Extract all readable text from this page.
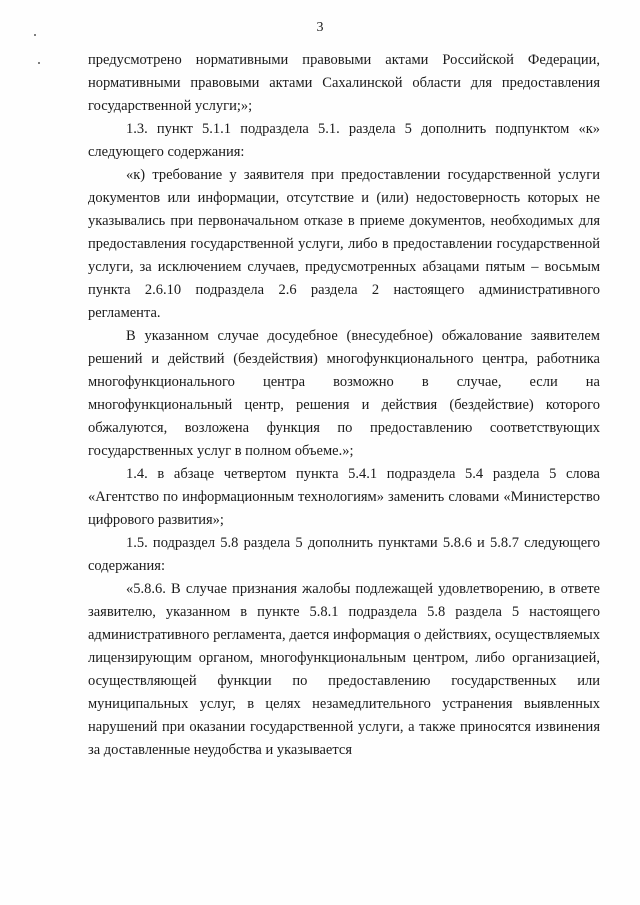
3

предусмотрено нормативными правовыми актами Российской Федерации, нормативными правовыми актами Сахалинской области для предоставления государственной услуги;»;

1.3. пункт 5.1.1 подраздела 5.1. раздела 5 дополнить подпунктом «к» следующего содержания:

«к) требование у заявителя при предоставлении государственной услуги документов или информации, отсутствие и (или) недостоверность которых не указывались при первоначальном отказе в приеме документов, необходимых для предоставления государственной услуги, либо в предоставлении государственной услуги, за исключением случаев, предусмотренных абзацами пятым – восьмым пункта 2.6.10 подраздела 2.6 раздела 2 настоящего административного регламента.

В указанном случае досудебное (внесудебное) обжалование заявителем решений и действий (бездействия) многофункционального центра, работника многофункционального центра возможно в случае, если на многофункциональный центр, решения и действия (бездействие) которого обжалуются, возложена функция по предоставлению соответствующих государственных услуг в полном объеме.»;

1.4. в абзаце четвертом пункта 5.4.1 подраздела 5.4 раздела 5 слова «Агентство по информационным технологиям» заменить словами «Министерство цифрового развития»;

1.5. подраздел 5.8 раздела 5 дополнить пунктами 5.8.6 и 5.8.7 следующего содержания:

«5.8.6. В случае признания жалобы подлежащей удовлетворению, в ответе заявителю, указанном в пункте 5.8.1 подраздела 5.8 раздела 5 настоящего административного регламента, дается информация о действиях, осуществляемых лицензирующим органом, многофункциональным центром, либо организацией, осуществляющей функции по предоставлению государственных или муниципальных услуг, в целях незамедлительного устранения выявленных нарушений при оказании государственной услуги, а также приносятся извинения за доставленные неудобства и указывается
